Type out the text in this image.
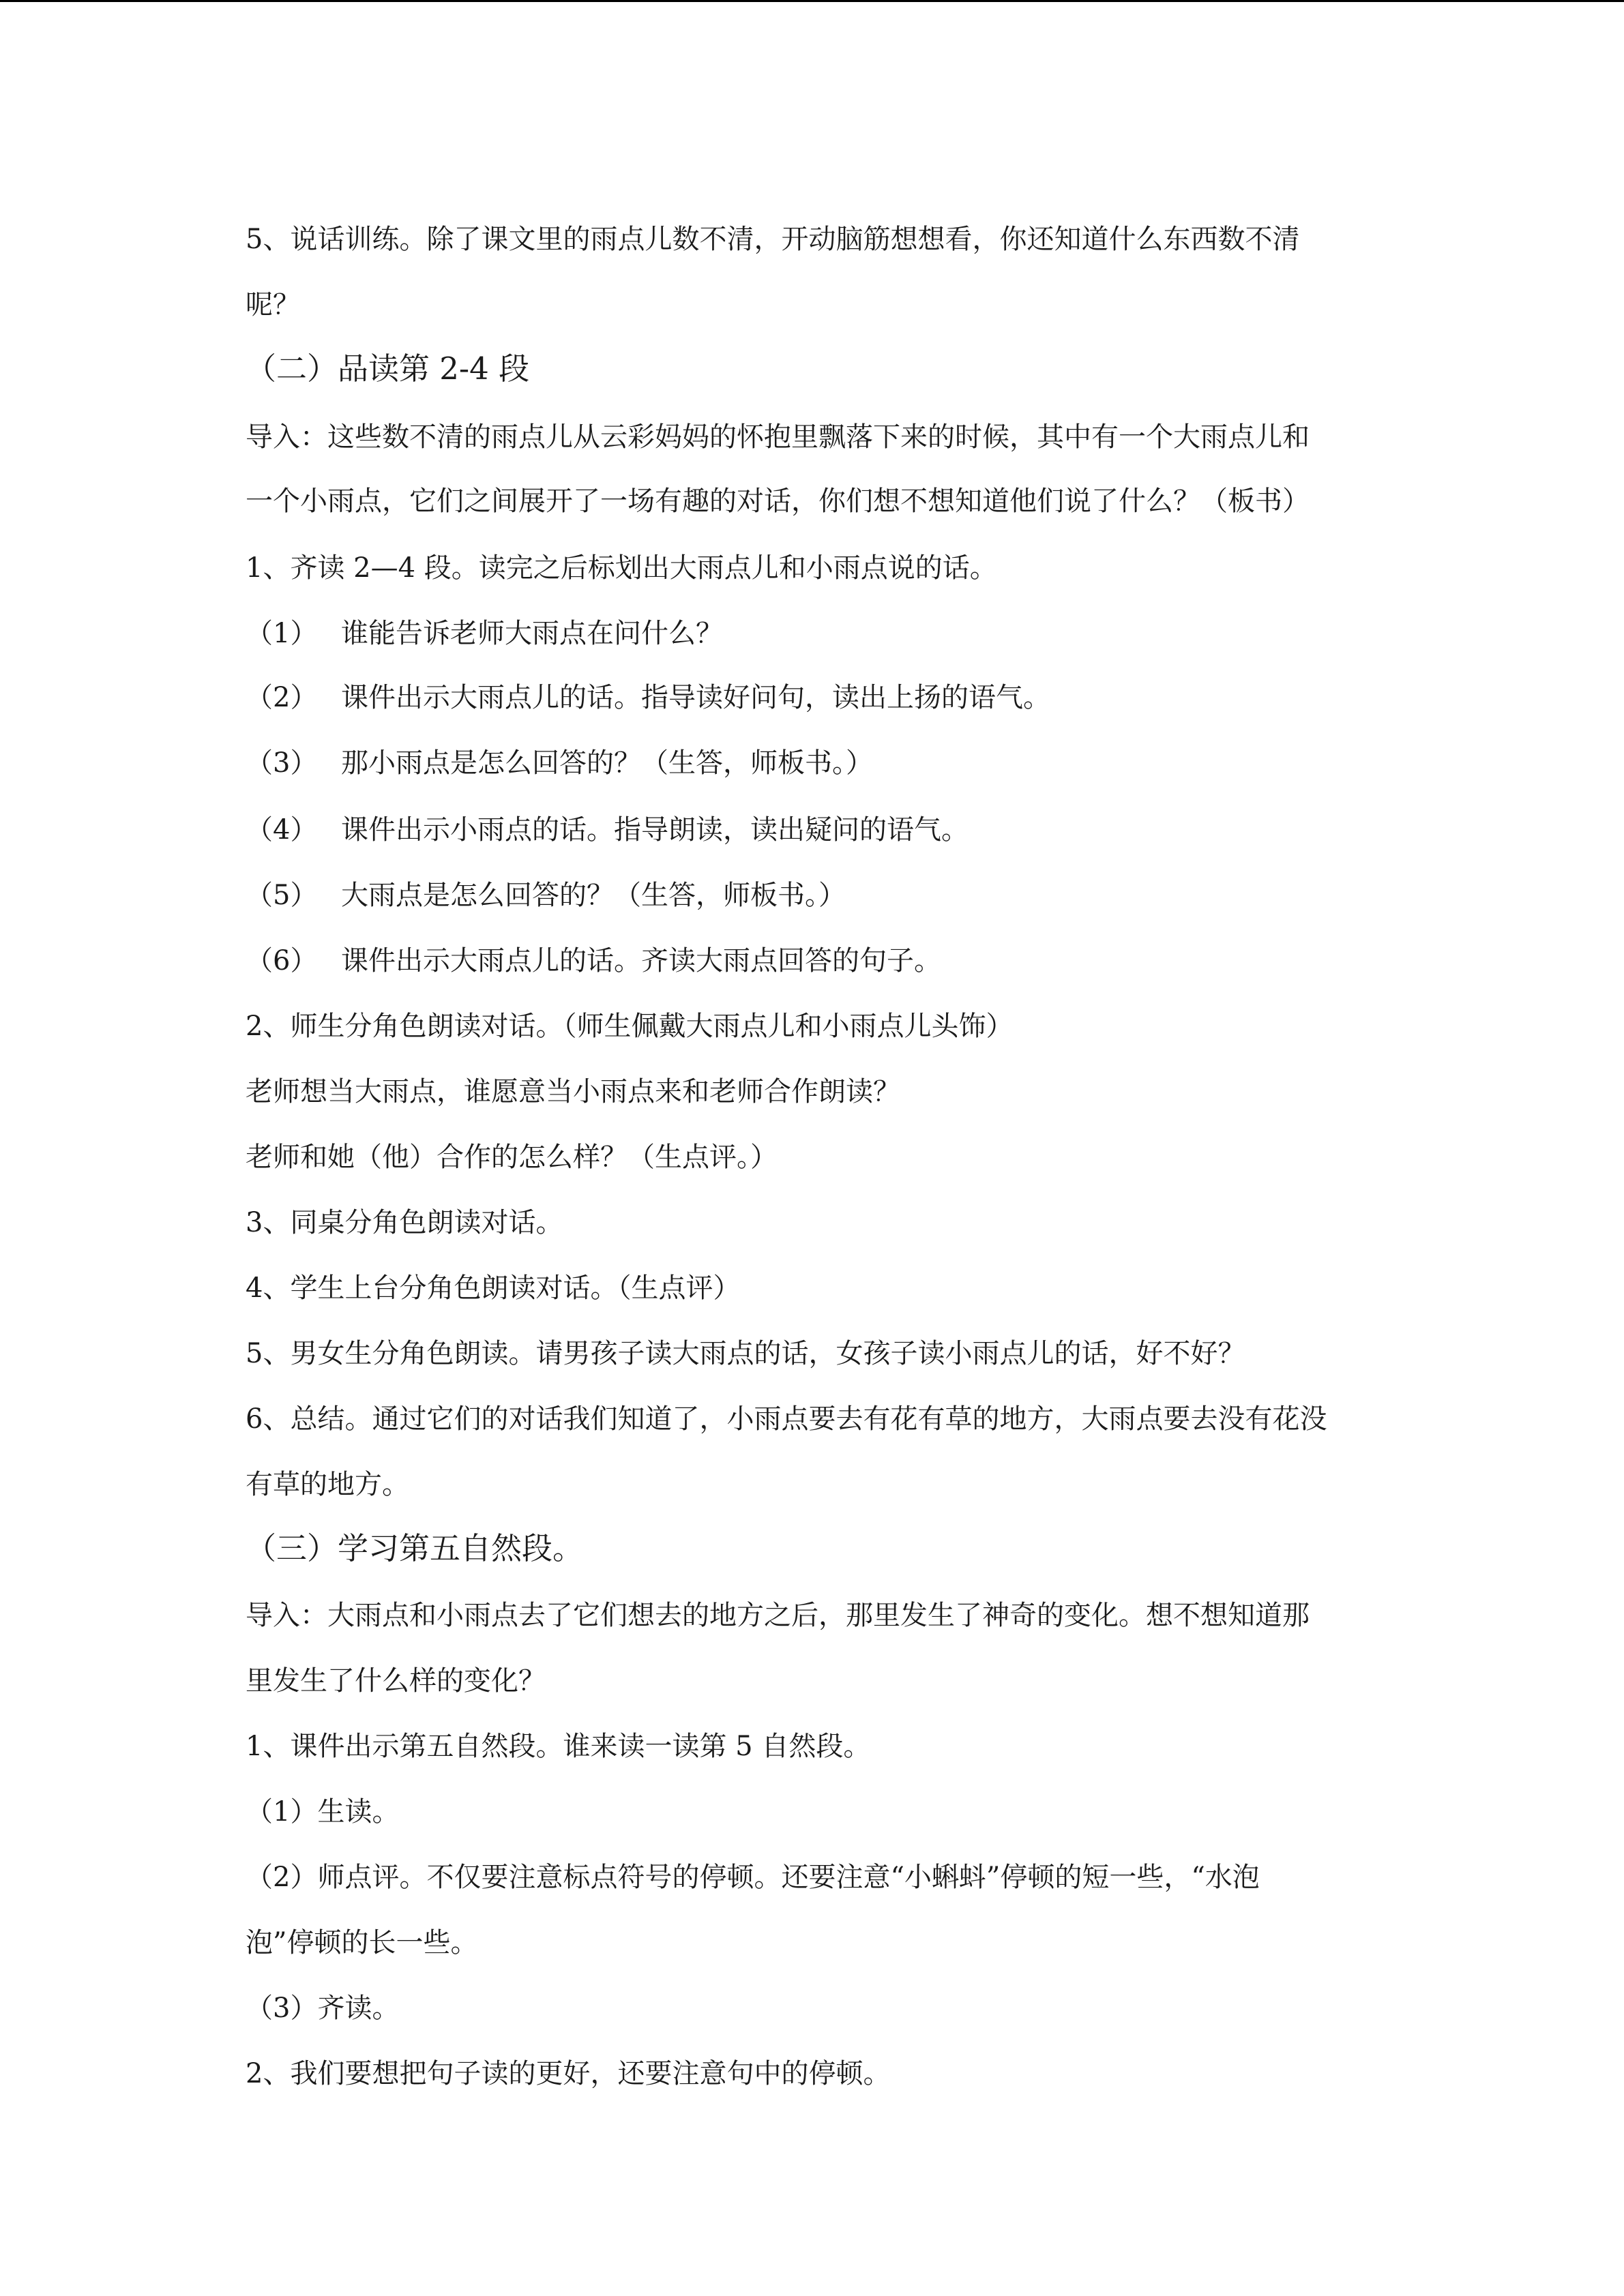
5、说话训练。除了课文里的雨点儿数不清，开动脑筋想想看，你还知道什么东西数不清
呢？
（二）品读第 2-4 段
导入：这些数不清的雨点儿从云彩妈妈的怀抱里飘落下来的时候，其中有一个大雨点儿和
一个小雨点，它们之间展开了一场有趣的对话，你们想不想知道他们说了什么？（板书）
1、齐读 2—4 段。读完之后标划出大雨点儿和小雨点说的话。
（1） 谁能告诉老师大雨点在问什么？
（2） 课件出示大雨点儿的话。指导读好问句，读出上扬的语气。
（3） 那小雨点是怎么回答的？（生答，师板书。）
（4） 课件出示小雨点的话。指导朗读，读出疑问的语气。
（5） 大雨点是怎么回答的？（生答，师板书。）
（6） 课件出示大雨点儿的话。齐读大雨点回答的句子。
2、师生分角色朗读对话。（师生佩戴大雨点儿和小雨点儿头饰）
老师想当大雨点，谁愿意当小雨点来和老师合作朗读？
老师和她（他）合作的怎么样？（生点评。）
3、同桌分角色朗读对话。
4、学生上台分角色朗读对话。（生点评）
5、男女生分角色朗读。请男孩子读大雨点的话，女孩子读小雨点儿的话，好不好？
6、总结。通过它们的对话我们知道了，小雨点要去有花有草的地方，大雨点要去没有花没
有草的地方。
（三）学习第五自然段。
导入：大雨点和小雨点去了它们想去的地方之后，那里发生了神奇的变化。想不想知道那
里发生了什么样的变化？
1、课件出示第五自然段。谁来读一读第 5 自然段。
（1）生读。
（2）师点评。不仅要注意标点符号的停顿。还要注意“小蝌蚪”停顿的短一些，“水泡
泡”停顿的长一些。
（3）齐读。
2、我们要想把句子读的更好，还要注意句中的停顿。
